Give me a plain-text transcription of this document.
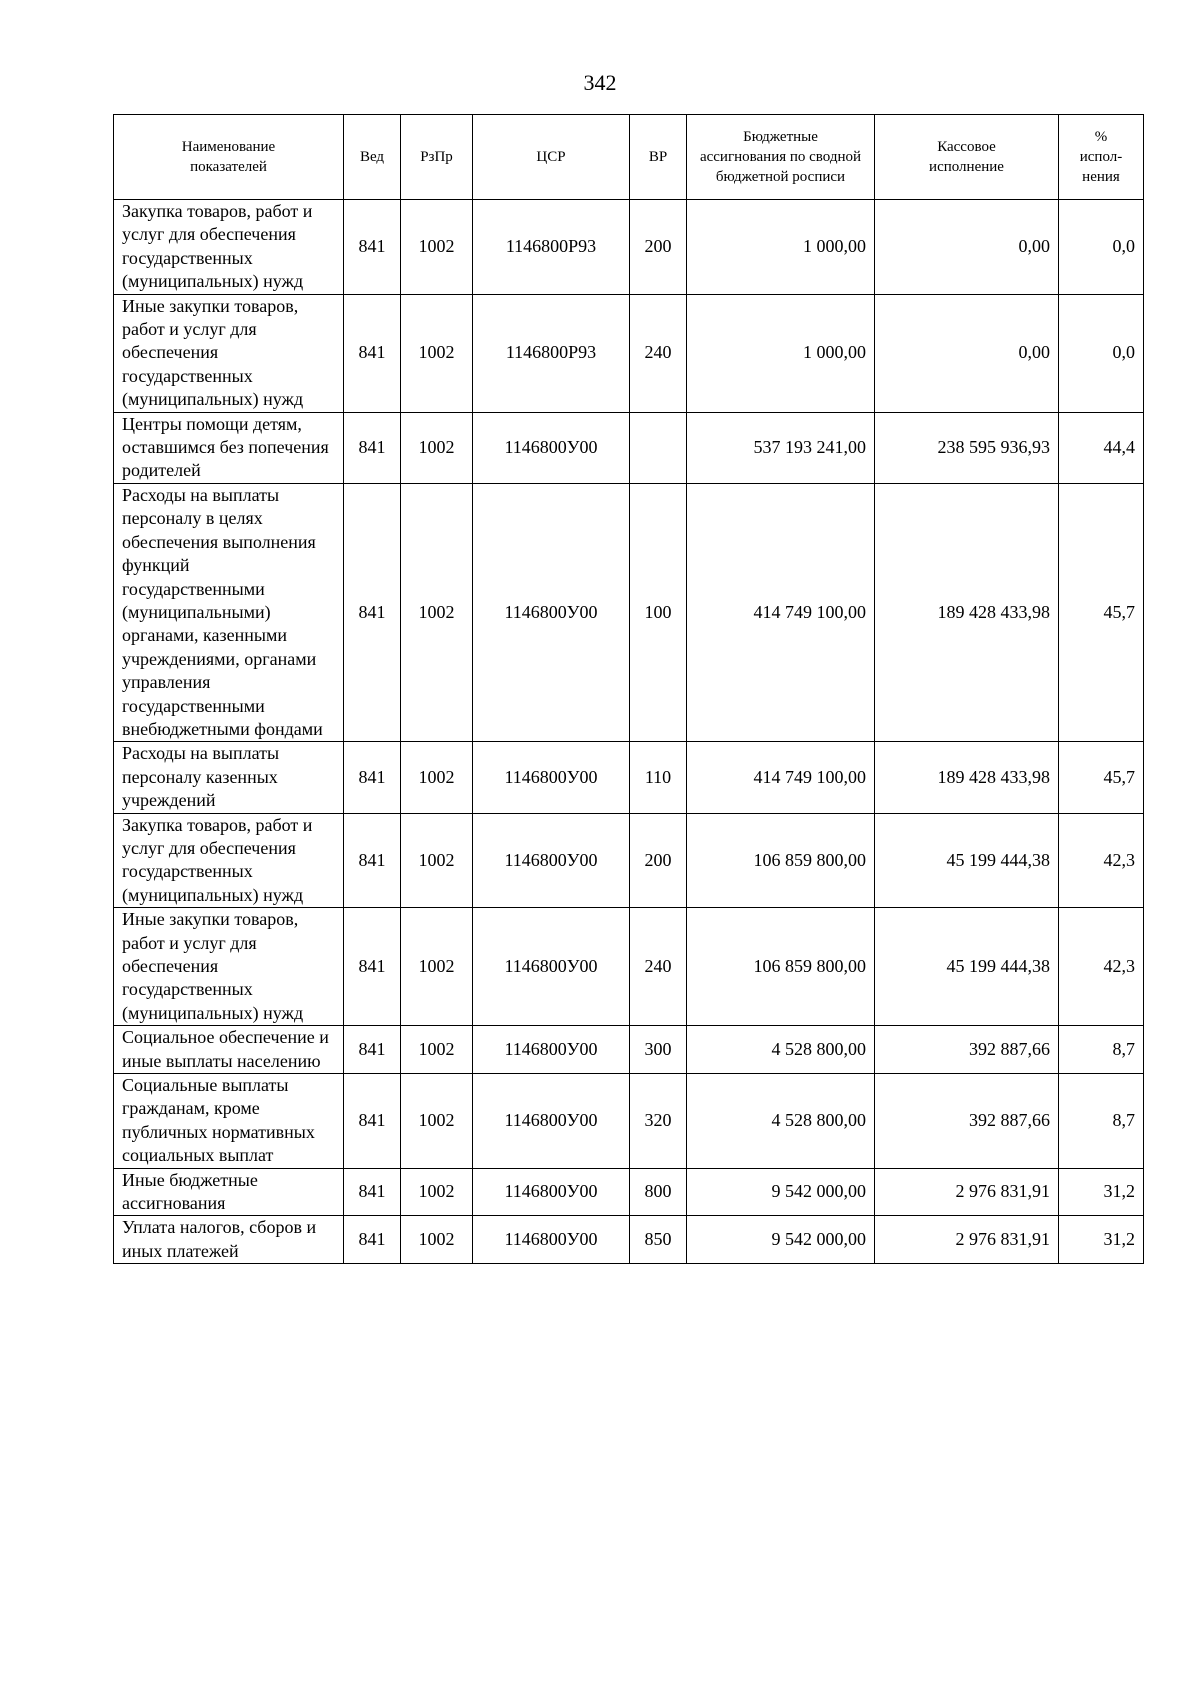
342
Наименование показателей	Вед	РзПр	ЦСР	ВР	Бюджетные ассигнования по сводной бюджетной росписи	Кассовое исполнение	% испол-нения
Закупка товаров, работ и услуг для обеспечения государственных (муниципальных) нужд	841	1002	1146800Р93	200	1 000,00	0,00	0,0
Иные закупки товаров, работ и услуг для обеспечения государственных (муниципальных) нужд	841	1002	1146800Р93	240	1 000,00	0,00	0,0
Центры помощи детям, оставшимся без попечения родителей	841	1002	1146800У00		537 193 241,00	238 595 936,93	44,4
Расходы на выплаты персоналу в целях обеспечения выполнения функций государственными (муниципальными) органами, казенными учреждениями, органами управления государственными внебюджетными фондами	841	1002	1146800У00	100	414 749 100,00	189 428 433,98	45,7
Расходы на выплаты персоналу казенных учреждений	841	1002	1146800У00	110	414 749 100,00	189 428 433,98	45,7
Закупка товаров, работ и услуг для обеспечения государственных (муниципальных) нужд	841	1002	1146800У00	200	106 859 800,00	45 199 444,38	42,3
Иные закупки товаров, работ и услуг для обеспечения государственных (муниципальных) нужд	841	1002	1146800У00	240	106 859 800,00	45 199 444,38	42,3
Социальное обеспечение и иные выплаты населению	841	1002	1146800У00	300	4 528 800,00	392 887,66	8,7
Социальные выплаты гражданам, кроме публичных нормативных социальных выплат	841	1002	1146800У00	320	4 528 800,00	392 887,66	8,7
Иные бюджетные ассигнования	841	1002	1146800У00	800	9 542 000,00	2 976 831,91	31,2
Уплата налогов, сборов и иных платежей	841	1002	1146800У00	850	9 542 000,00	2 976 831,91	31,2
